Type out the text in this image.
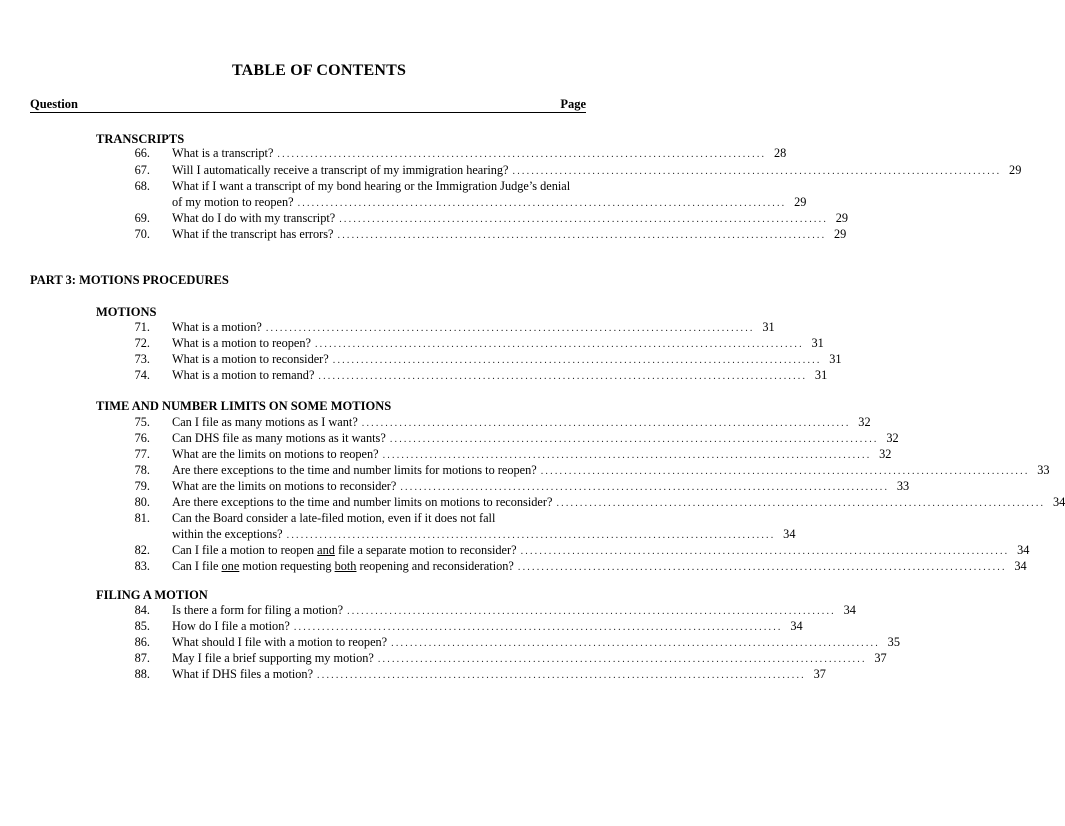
TABLE OF CONTENTS
Question	Page
TRANSCRIPTS
66. What is a transcript? ........................................................................................................ 28
67. Will I automatically receive a transcript of my immigration hearing? ........................................................................................................ 29
68. What if I want a transcript of my bond hearing or the Immigration Judge’s denial
of my motion to reopen? ........................................................................................................ 29
69. What do I do with my transcript? ........................................................................................................ 29
70. What if the transcript has errors? ........................................................................................................ 29
PART 3: MOTIONS PROCEDURES
MOTIONS
71. What is a motion? ........................................................................................................ 31
72. What is a motion to reopen? ........................................................................................................ 31
73. What is a motion to reconsider? ........................................................................................................ 31
74. What is a motion to remand? ........................................................................................................ 31
TIME AND NUMBER LIMITS ON SOME MOTIONS
75. Can I file as many motions as I want? ........................................................................................................ 32
76. Can DHS file as many motions as it wants? ........................................................................................................ 32
77. What are the limits on motions to reopen? ........................................................................................................ 32
78. Are there exceptions to the time and number limits for motions to reopen? ........................................................................................................ 33
79. What are the limits on motions to reconsider? ........................................................................................................ 33
80. Are there exceptions to the time and number limits on motions to reconsider? ........................................................................................................ 34
81. Can the Board consider a late-filed motion, even if it does not fall
within the exceptions? ........................................................................................................ 34
82. Can I file a motion to reopen and file a separate motion to reconsider? ........................................................................................................ 34
83. Can I file one motion requesting both reopening and reconsideration? ........................................................................................................ 34
FILING A MOTION
84. Is there a form for filing a motion? ........................................................................................................ 34
85. How do I file a motion? ........................................................................................................ 34
86. What should I file with a motion to reopen? ........................................................................................................ 35
87. May I file a brief supporting my motion? ........................................................................................................ 37
88. What if DHS files a motion? ........................................................................................................ 37
